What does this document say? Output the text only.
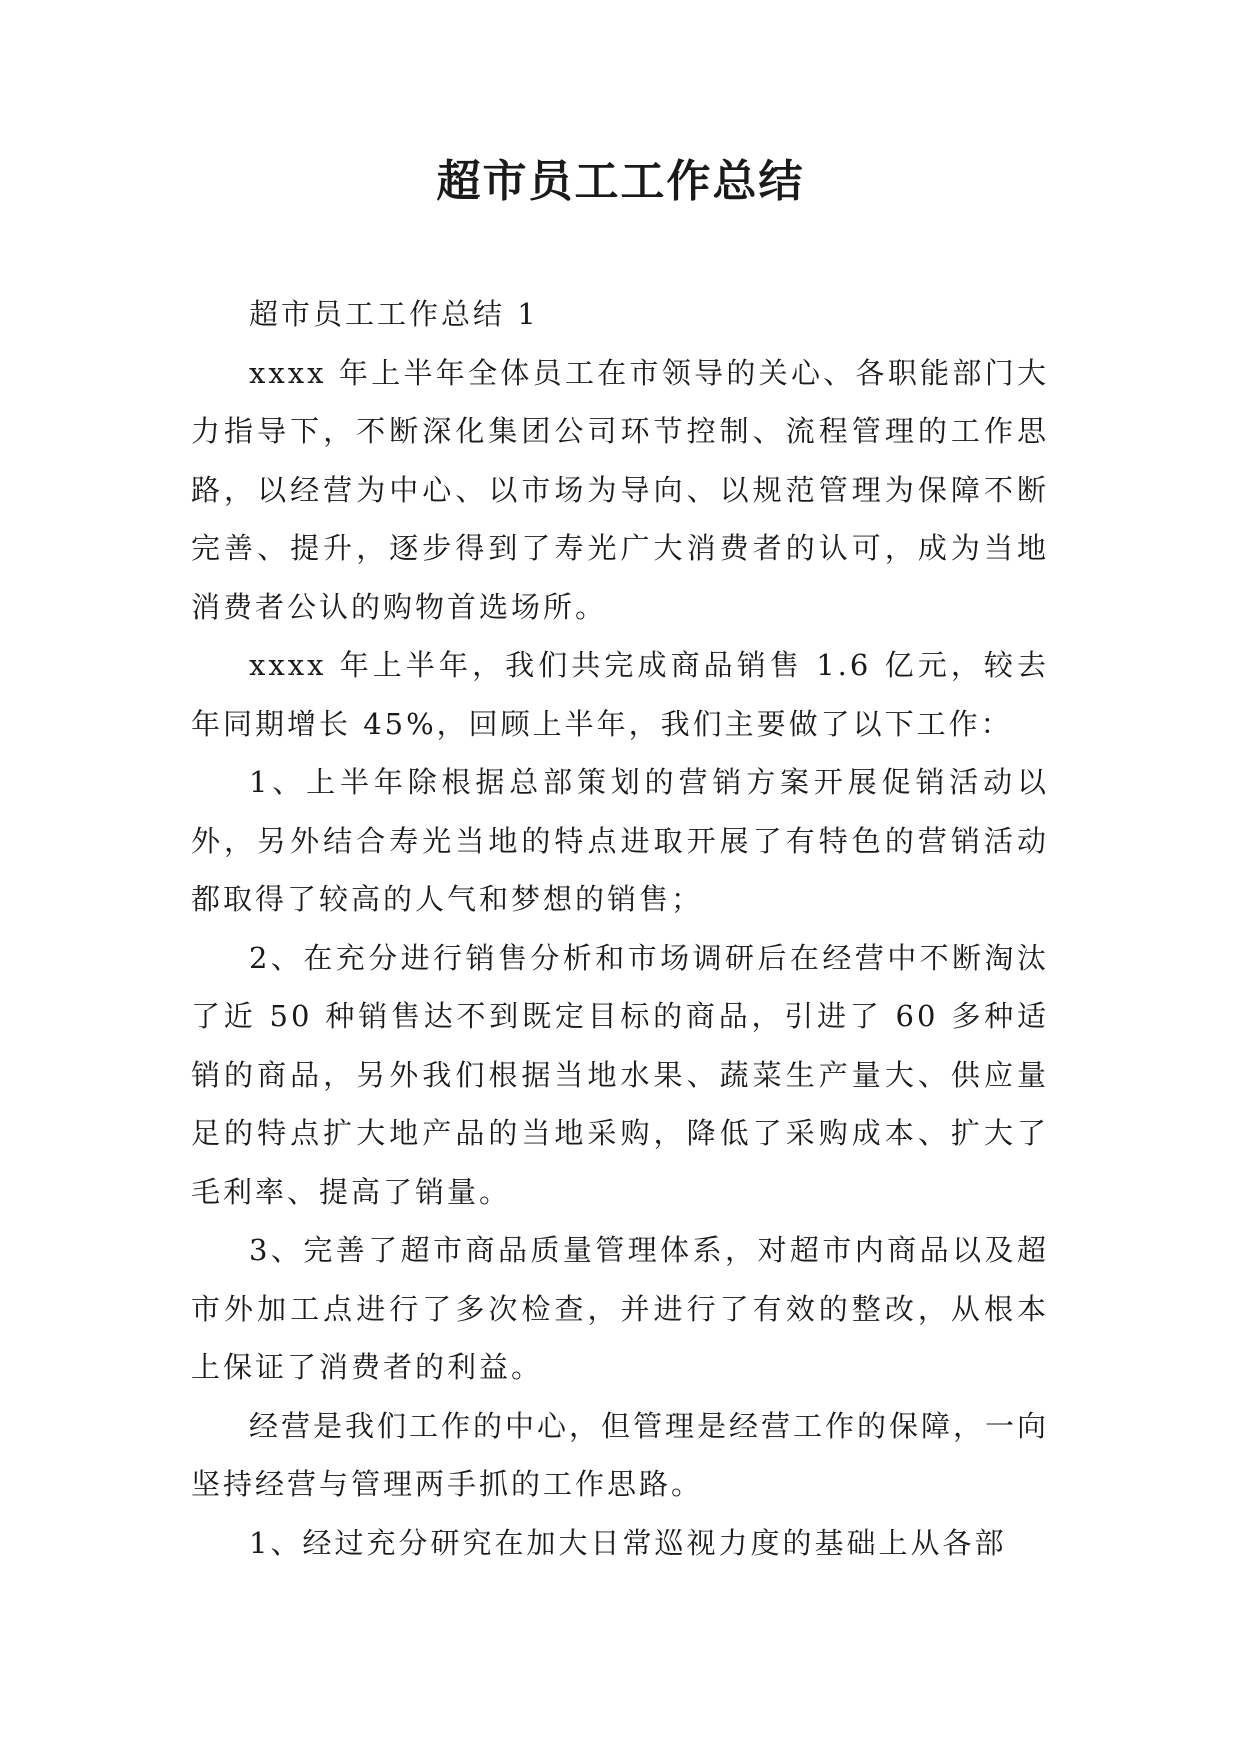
超市员工工作总结

超市员工工作总结 1

xxxx 年上半年全体员工在市领导的关心、各职能部门大力指导下，不断深化集团公司环节控制、流程管理的工作思路，以经营为中心、以市场为导向、以规范管理为保障不断完善、提升，逐步得到了寿光广大消费者的认可，成为当地消费者公认的购物首选场所。

xxxx 年上半年，我们共完成商品销售 1.6 亿元，较去年同期增长 45%，回顾上半年，我们主要做了以下工作：

1、上半年除根据总部策划的营销方案开展促销活动以外，另外结合寿光当地的特点进取开展了有特色的营销活动都取得了较高的人气和梦想的销售；

2、在充分进行销售分析和市场调研后在经营中不断淘汰了近 50 种销售达不到既定目标的商品，引进了 60 多种适销的商品，另外我们根据当地水果、蔬菜生产量大、供应量足的特点扩大地产品的当地采购，降低了采购成本、扩大了毛利率、提高了销量。

3、完善了超市商品质量管理体系，对超市内商品以及超市外加工点进行了多次检查，并进行了有效的整改，从根本上保证了消费者的利益。

经营是我们工作的中心，但管理是经营工作的保障，一向坚持经营与管理两手抓的工作思路。

1、经过充分研究在加大日常巡视力度的基础上从各部
